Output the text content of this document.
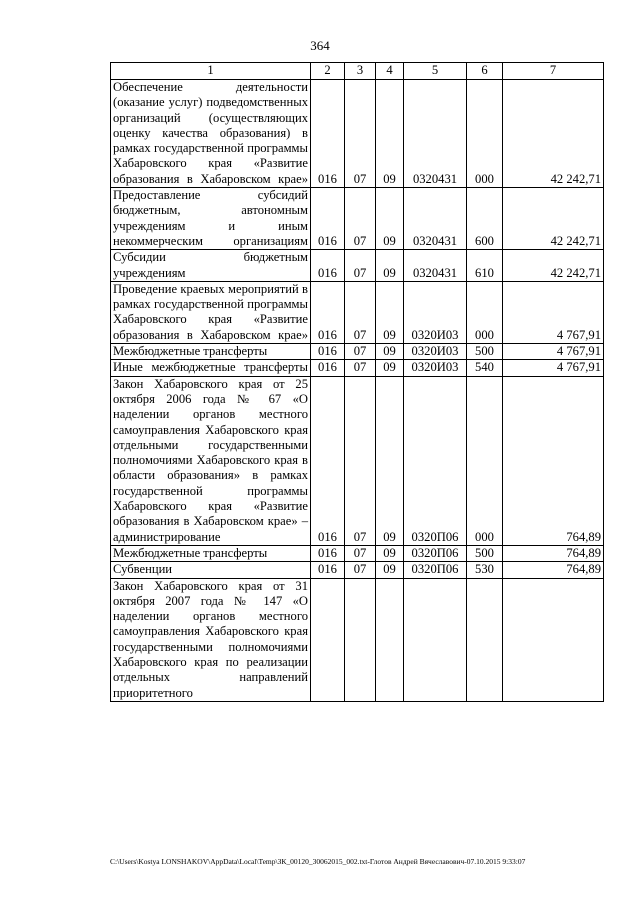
364
1	2	3	4	5	6	7
Обеспечение деятельности (оказание услуг) подведомственных организаций (осуществляющих оценку качества образования) в рамках государственной программы Хабаровского края «Развитие образования в Хабаровском крае»	016	07	09	0320431	000	42 242,71
Предоставление субсидий бюджетным, автономным учреждениям и иным некоммерческим организациям	016	07	09	0320431	600	42 242,71
Субсидии бюджетным учреждениям	016	07	09	0320431	610	42 242,71
Проведение краевых мероприятий в рамках государственной программы Хабаровского края «Развитие образования в Хабаровском крае»	016	07	09	0320И03	000	4 767,91
Межбюджетные трансферты	016	07	09	0320И03	500	4 767,91
Иные межбюджетные трансферты	016	07	09	0320И03	540	4 767,91
Закон Хабаровского края от 25 октября 2006 года № 67 «О наделении органов местного самоуправления Хабаровского края отдельными государственными полномочиями Хабаровского края в области образования» в рамках государственной программы Хабаровского края «Развитие образования в Хабаровском крае» – администрирование	016	07	09	0320П06	000	764,89
Межбюджетные трансферты	016	07	09	0320П06	500	764,89
Субвенции	016	07	09	0320П06	530	764,89
Закон Хабаровского края от 31 октября 2007 года № 147 «О наделении органов местного самоуправления Хабаровского края государственными полномочиями Хабаровского края по реализации отдельных направлений приоритетного						
C:\Users\Kostya LONSHAKOV\AppData\Local\Temp\ЗК_00120_30062015_002.txt-Глотов Андрей Вячеславович-07.10.2015 9:33:07
